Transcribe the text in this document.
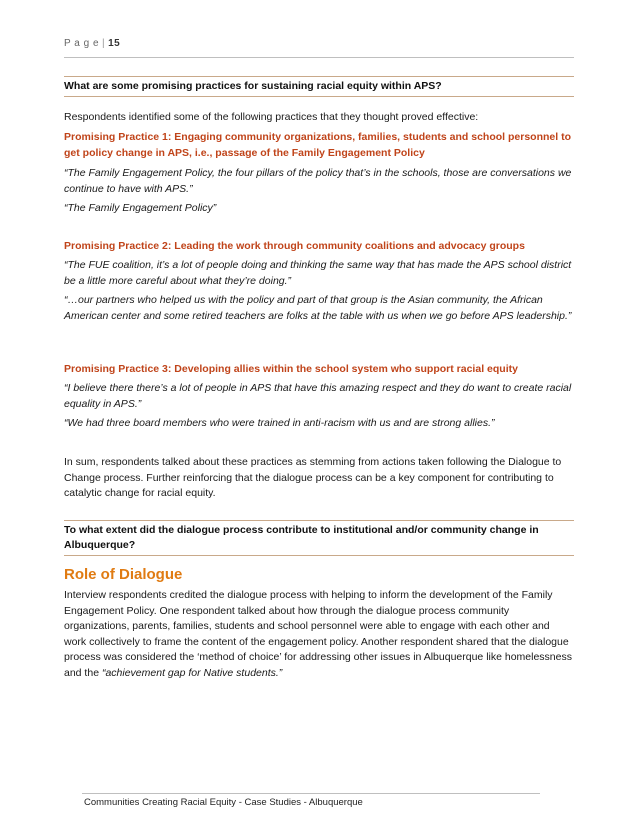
P a g e | 15
What are some promising practices for sustaining racial equity within APS?

Respondents identified some of the following practices that they thought proved effective:

Promising Practice 1: Engaging community organizations, families, students and school personnel to get policy change in APS, i.e., passage of the Family Engagement Policy

“The Family Engagement Policy, the four pillars of the policy that’s in the schools, those are conversations we continue to have with APS.”

“The Family Engagement Policy”

Promising Practice 2: Leading the work through community coalitions and advocacy groups

“The FUE coalition, it’s a lot of people doing and thinking the same way that has made the APS school district be a little more careful about what they’re doing.”

“…our partners who helped us with the policy and part of that group is the Asian community, the African American center and some retired teachers are folks at the table with us when we go before APS leadership.”

Promising Practice 3: Developing allies within the school system who support racial equity

“I believe there there’s a lot of people in APS that have this amazing respect and they do want to create racial equality in APS.”

“We had three board members who were trained in anti-racism with us and are strong allies.”

In sum, respondents talked about these practices as stemming from actions taken following the Dialogue to Change process. Further reinforcing that the dialogue process can be a key component for contributing to catalytic change for racial equity.

To what extent did the dialogue process contribute to institutional and/or community change in Albuquerque?
Role of Dialogue

Interview respondents credited the dialogue process with helping to inform the development of the Family Engagement Policy. One respondent talked about how through the dialogue process community organizations, parents, families, students and school personnel were able to engage with each other and work collectively to frame the content of the engagement policy. Another respondent shared that the dialogue process was considered the ‘method of choice’ for addressing other issues in Albuquerque like homelessness and the “achievement gap for Native students.”

Communities Creating Racial Equity - Case Studies - Albuquerque
